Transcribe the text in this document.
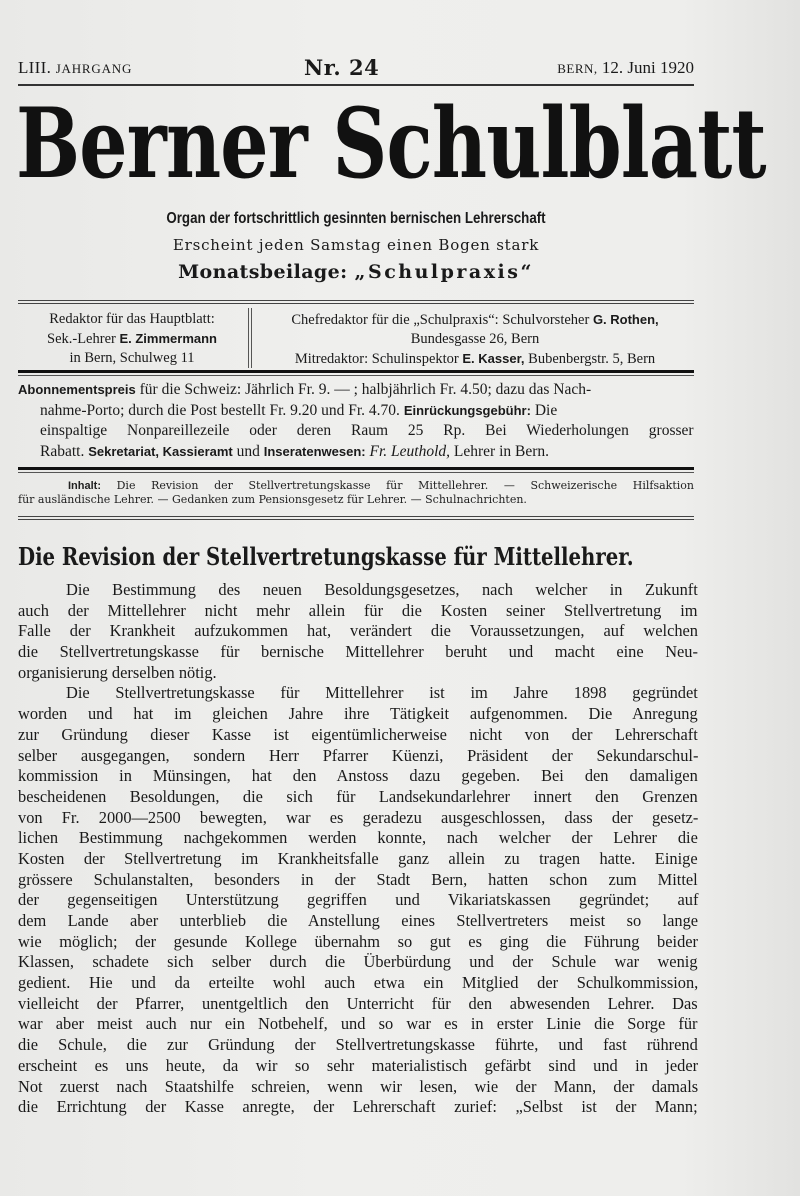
LIII. JAHRGANG	Nr. 24	BERN, 12. Juni 1920
Berner Schulblatt
Organ der fortschrittlich gesinnten bernischen Lehrerschaft
Erscheint jeden Samstag einen Bogen stark
Monatsbeilage: „Schulpraxis“
Redaktor für das Hauptblatt:
Sek.-Lehrer E. Zimmermann
in Bern, Schulweg 11
Chefredaktor für die „Schulpraxis“: Schulvorsteher G. Rothen,
Bundesgasse 26, Bern
Mitredaktor: Schulinspektor E. Kasser, Bubenbergstr. 5, Bern
Abonnementspreis für die Schweiz: Jährlich Fr. 9. — ; halbjährlich Fr. 4.50; dazu das Nach-
nahme-Porto; durch die Post bestellt Fr. 9.20 und Fr. 4.70. Einrückungsgebühr: Die
einspaltige Nonpareillezeile oder deren Raum 25 Rp. Bei Wiederholungen grosser
Rabatt. Sekretariat, Kassieramt und Inseratenwesen: Fr. Leuthold, Lehrer in Bern.
Inhalt: Die Revision der Stellvertretungskasse für Mittellehrer. — Schweizerische Hilfsaktion
für ausländische Lehrer. — Gedanken zum Pensionsgesetz für Lehrer. — Schulnachrichten.
Die Revision der Stellvertretungskasse für Mittellehrer.
Die Bestimmung des neuen Besoldungsgesetzes, nach welcher in Zukunft
auch der Mittellehrer nicht mehr allein für die Kosten seiner Stellvertretung im
Falle der Krankheit aufzukommen hat, verändert die Voraussetzungen, auf welchen
die Stellvertretungskasse für bernische Mittellehrer beruht und macht eine Neu-
organisierung derselben nötig.
Die Stellvertretungskasse für Mittellehrer ist im Jahre 1898 gegründet
worden und hat im gleichen Jahre ihre Tätigkeit aufgenommen. Die Anregung
zur Gründung dieser Kasse ist eigentümlicherweise nicht von der Lehrerschaft
selber ausgegangen, sondern Herr Pfarrer Küenzi, Präsident der Sekundarschul-
kommission in Münsingen, hat den Anstoss dazu gegeben. Bei den damaligen
bescheidenen Besoldungen, die sich für Landsekundarlehrer innert den Grenzen
von Fr. 2000—2500 bewegten, war es geradezu ausgeschlossen, dass der gesetz-
lichen Bestimmung nachgekommen werden konnte, nach welcher der Lehrer die
Kosten der Stellvertretung im Krankheitsfalle ganz allein zu tragen hatte. Einige
grössere Schulanstalten, besonders in der Stadt Bern, hatten schon zum Mittel
der gegenseitigen Unterstützung gegriffen und Vikariatskassen gegründet; auf
dem Lande aber unterblieb die Anstellung eines Stellvertreters meist so lange
wie möglich; der gesunde Kollege übernahm so gut es ging die Führung beider
Klassen, schadete sich selber durch die Überbürdung und der Schule war wenig
gedient. Hie und da erteilte wohl auch etwa ein Mitglied der Schulkommission,
vielleicht der Pfarrer, unentgeltlich den Unterricht für den abwesenden Lehrer. Das
war aber meist auch nur ein Notbehelf, und so war es in erster Linie die Sorge für
die Schule, die zur Gründung der Stellvertretungskasse führte, und fast rührend
erscheint es uns heute, da wir so sehr materialistisch gefärbt sind und in jeder
Not zuerst nach Staatshilfe schreien, wenn wir lesen, wie der Mann, der damals
die Errichtung der Kasse anregte, der Lehrerschaft zurief: „Selbst ist der Mann;
